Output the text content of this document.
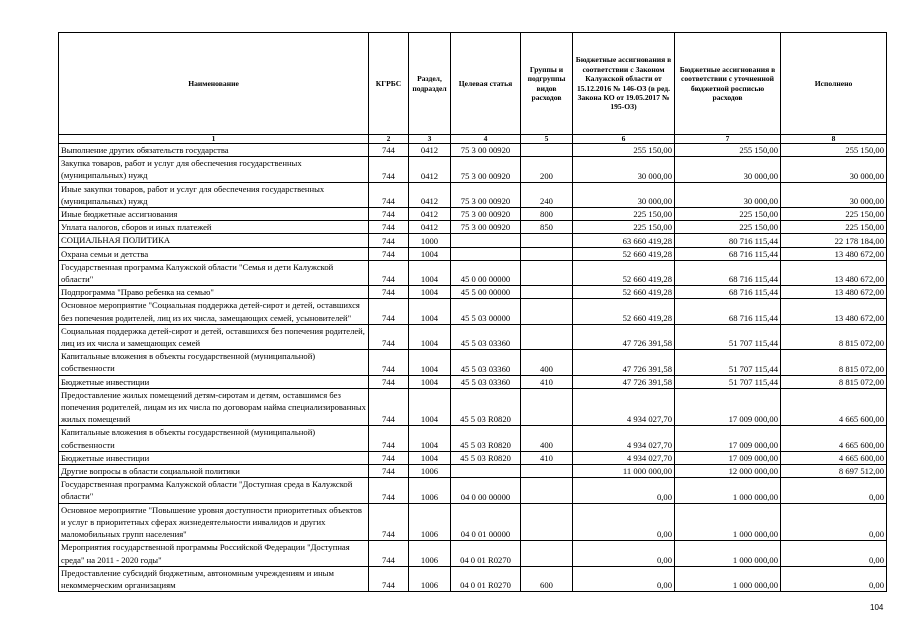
Наименование	КГРБС	Раздел, подраздел	Целевая статья	Группы и подгруппы видов расходов	Бюджетные ассигнования в соответствии с Законом Калужской области от 15.12.2016 № 146-ОЗ (в ред. Закона КО от 19.05.2017 № 195-ОЗ)	Бюджетные ассигнования в соответствии с уточненной бюджетной росписью расходов	Исполнено
1	2	3	4	5	6	7	8
Выполнение других обязательств государства	744	0412	75 3 00 00920		255 150,00	255 150,00	255 150,00
Закупка товаров, работ и услуг для обеспечения государственных (муниципальных) нужд	744	0412	75 3 00 00920	200	30 000,00	30 000,00	30 000,00
Иные закупки товаров, работ и услуг для обеспечения государственных (муниципальных) нужд	744	0412	75 3 00 00920	240	30 000,00	30 000,00	30 000,00
Иные бюджетные ассигнования	744	0412	75 3 00 00920	800	225 150,00	225 150,00	225 150,00
Уплата налогов, сборов и иных платежей	744	0412	75 3 00 00920	850	225 150,00	225 150,00	225 150,00
СОЦИАЛЬНАЯ ПОЛИТИКА	744	1000			63 660 419,28	80 716 115,44	22 178 184,00
Охрана семьи и детства	744	1004			52 660 419,28	68 716 115,44	13 480 672,00
Государственная программа Калужской области "Семья и дети Калужской области"	744	1004	45 0 00 00000		52 660 419,28	68 716 115,44	13 480 672,00
Подпрограмма "Право ребенка на семью"	744	1004	45 5 00 00000		52 660 419,28	68 716 115,44	13 480 672,00
Основное мероприятие "Социальная поддержка детей-сирот и детей, оставшихся без попечения родителей, лиц из их числа, замещающих семей, усыновителей"	744	1004	45 5 03 00000		52 660 419,28	68 716 115,44	13 480 672,00
Социальная поддержка детей-сирот и детей, оставшихся без попечения родителей, лиц из их числа и замещающих семей	744	1004	45 5 03 03360		47 726 391,58	51 707 115,44	8 815 072,00
Капитальные вложения в объекты государственной (муниципальной) собственности	744	1004	45 5 03 03360	400	47 726 391,58	51 707 115,44	8 815 072,00
Бюджетные инвестиции	744	1004	45 5 03 03360	410	47 726 391,58	51 707 115,44	8 815 072,00
Предоставление жилых помещений детям-сиротам и детям, оставшимся без попечения родителей, лицам из их числа по договорам найма специализированных жилых помещений	744	1004	45 5 03 R0820		4 934 027,70	17 009 000,00	4 665 600,00
Капитальные вложения в объекты государственной (муниципальной) собственности	744	1004	45 5 03 R0820	400	4 934 027,70	17 009 000,00	4 665 600,00
Бюджетные инвестиции	744	1004	45 5 03 R0820	410	4 934 027,70	17 009 000,00	4 665 600,00
Другие вопросы в области социальной политики	744	1006			11 000 000,00	12 000 000,00	8 697 512,00
Государственная программа Калужской области "Доступная среда в Калужской области"	744	1006	04 0 00 00000		0,00	1 000 000,00	0,00
Основное мероприятие "Повышение уровня доступности приоритетных объектов и услуг в приоритетных сферах жизнедеятельности инвалидов и других маломобильных групп населения"	744	1006	04 0 01 00000		0,00	1 000 000,00	0,00
Мероприятия государственной программы Российской Федерации "Доступная среда" на 2011 - 2020 годы"	744	1006	04 0 01 R0270		0,00	1 000 000,00	0,00
Предоставление субсидий бюджетным, автономным учреждениям и иным некоммерческим организациям	744	1006	04 0 01 R0270	600	0,00	1 000 000,00	0,00
104
